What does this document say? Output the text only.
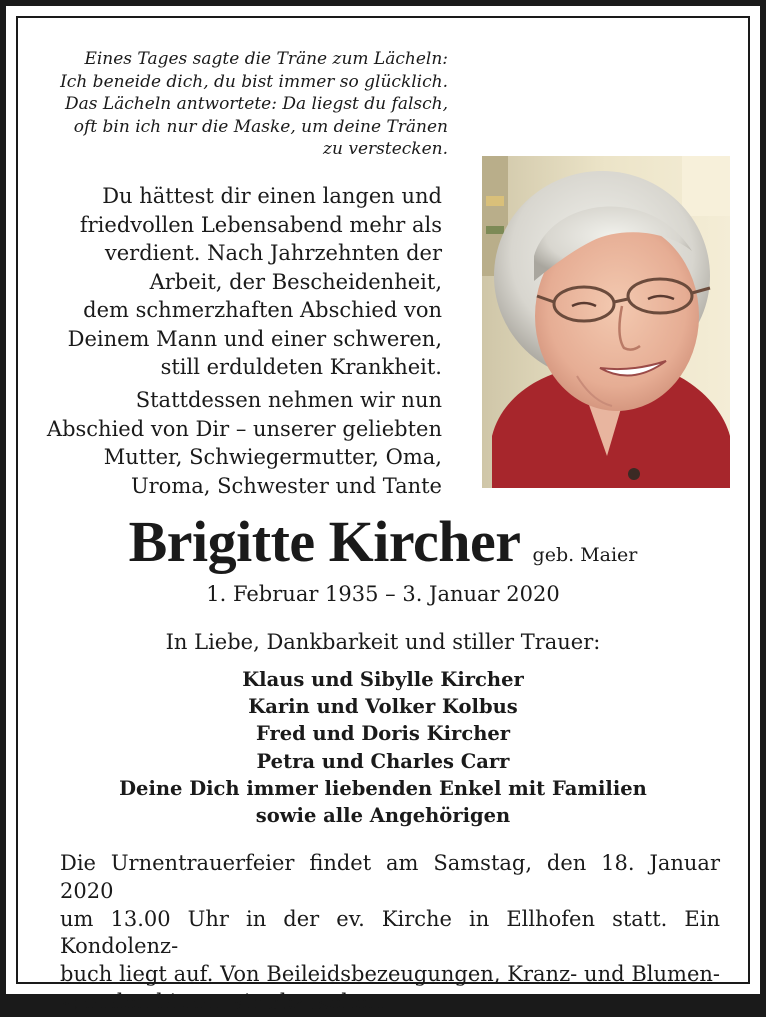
Eines Tages sagte die Träne zum Lächeln:
Ich beneide dich, du bist immer so glücklich.
Das Lächeln antwortete: Da liegst du falsch,
oft bin ich nur die Maske, um deine Tränen
zu verstecken.
Du hättest dir einen langen und
friedvollen Lebensabend mehr als
verdient. Nach Jahrzehnten der
Arbeit, der Bescheidenheit,
dem schmerzhaften Abschied von
Deinem Mann und einer schweren,
still erduldeten Krankheit.
Stattdessen nehmen wir nun
Abschied von Dir – unserer geliebten
Mutter, Schwiegermutter, Oma,
Uroma, Schwester und Tante
Brigitte Kircher geb. Maier
1. Februar 1935 – 3. Januar 2020
In Liebe, Dankbarkeit und stiller Trauer:
Klaus und Sibylle Kircher
Karin und Volker Kolbus
Fred und Doris Kircher
Petra und Charles Carr
Deine Dich immer liebenden Enkel mit Familien
sowie alle Angehörigen
Die Urnentrauerfeier findet am Samstag, den 18. Januar 2020
um 13.00 Uhr in der ev. Kirche in Ellhofen statt. Ein Kondolenz-
buch liegt auf. Von Beileidsbezeugungen, Kranz- und Blumen-
spenden bitten wir abzusehen.
